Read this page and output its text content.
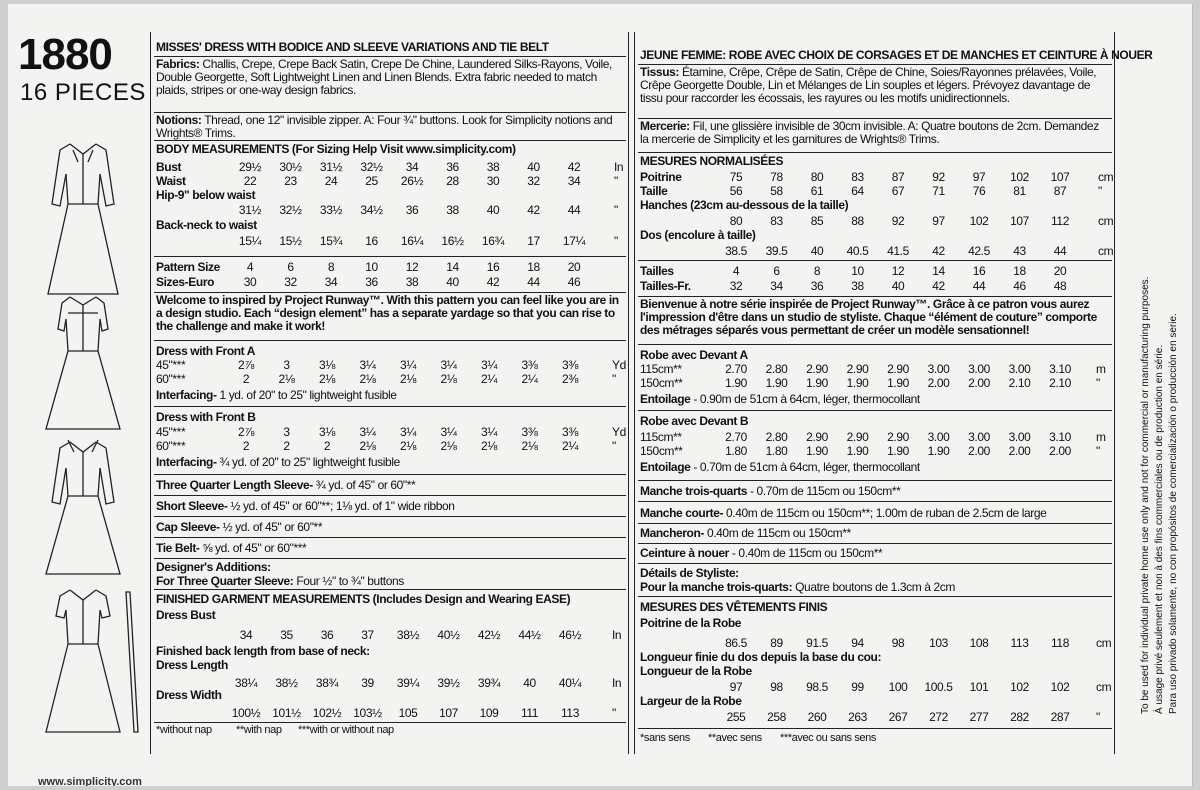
1880
16 PIECES
MISSES' DRESS WITH BODICE AND SLEEVE VARIATIONS AND TIE BELT
Fabrics: Challis, Crepe, Crepe Back Satin, Crepe De Chine, Laundered Silks-Rayons, Voile, Double Georgette, Soft Lightweight Linen and Linen Blends. Extra fabric needed to match plaids, stripes or one-way design fabrics.
Notions: Thread, one 12" invisible zipper. A: Four ¾" buttons. Look for Simplicity notions and Wrights® Trims.
BODY MEASUREMENTS (For Sizing Help Visit www.simplicity.com)
Bust	29½	30½	31½	32½	34	36	38	40	42	In
Waist	22	23	24	25	26½	28	30	32	34	"
Hip-9" below waist
31½	32½	33½	34½	36	38	40	42	44	"
Back-neck to waist
15¼	15½	15¾	16	16¼	16½	16¾	17	17¼	"
Pattern Size	4	6	8	10	12	14	16	18	20
Sizes-Euro	30	32	34	36	38	40	42	44	46
Welcome to inspired by Project Runway™. With this pattern you can feel like you are in a design studio. Each “design element” has a separate yardage so that you can rise to the challenge and make it work!
Dress with Front A
45"***	2⅞	3	3⅛	3¼	3¼	3¼	3¼	3⅜	3⅜	Yd
60"***	2	2⅛	2⅛	2⅛	2⅛	2⅛	2¼	2¼	2⅜	"
Interfacing- 1 yd. of 20" to 25" lightweight fusible
Dress with Front B
45"***	2⅞	3	3⅛	3¼	3¼	3¼	3¼	3⅜	3⅜	Yd
60"***	2	2	2	2⅛	2⅛	2⅛	2⅛	2⅛	2¼	"
Interfacing- ¾ yd. of 20" to 25" lightweight fusible
Three Quarter Length Sleeve- ¾ yd. of 45" or 60"**
Short Sleeve- ½ yd. of 45" or 60"**; 1⅛ yd. of 1" wide ribbon
Cap Sleeve- ½ yd. of 45" or 60"**
Tie Belt- ⅝ yd. of 45" or 60"***
Designer's Additions:
For Three Quarter Sleeve: Four ½" to ¾" buttons
FINISHED GARMENT MEASUREMENTS (Includes Design and Wearing EASE)
Dress Bust
34	35	36	37	38½	40½	42½	44½	46½	In
Finished back length from base of neck:
Dress Length
38¼	38½	38¾	39	39¼	39½	39¾	40	40¼	In
Dress Width
100½	101½	102½	103½	105	107	109	111	113	"
*without nap **with nap ***with or without nap
JEUNE FEMME: ROBE AVEC CHOIX DE CORSAGES ET DE MANCHES ET CEINTURE À NOUER
Tissus: Étamine, Crêpe, Crêpe de Satin, Crêpe de Chine, Soies/Rayonnes prélavées, Voile, Crêpe Georgette Double, Lin et Mélanges de Lin souples et légers. Prévoyez davantage de tissu pour raccorder les écossais, les rayures ou les motifs unidirectionnels.
Mercerie: Fil, une glissière invisible de 30cm invisible. A: Quatre boutons de 2cm. Demandez la mercerie de Simplicity et les garnitures de Wrights® Trims.
MESURES NORMALISÉES
Poitrine	75	78	80	83	87	92	97	102	107	cm
Taille	56	58	61	64	67	71	76	81	87	"
Hanches (23cm au-dessous de la taille)
80	83	85	88	92	97	102	107	112	cm
Dos (encolure à taille)
38.5	39.5	40	40.5	41.5	42	42.5	43	44	cm
Tailles	4	6	8	10	12	14	16	18	20
Tailles-Fr.	32	34	36	38	40	42	44	46	48
Bienvenue à notre série inspirée de Project Runway™. Grâce à ce patron vous aurez l'impression d'être dans un studio de styliste. Chaque “élément de couture” comporte des métrages séparés vous permettant de créer un modèle sensationnel!
Robe avec Devant A
115cm**	2.70	2.80	2.90	2.90	2.90	3.00	3.00	3.00	3.10	m
150cm**	1.90	1.90	1.90	1.90	1.90	2.00	2.00	2.10	2.10	"
Entoilage - 0.90m de 51cm à 64cm, léger, thermocollant
Robe avec Devant B
115cm**	2.70	2.80	2.90	2.90	2.90	3.00	3.00	3.00	3.10	m
150cm**	1.80	1.80	1.90	1.90	1.90	1.90	2.00	2.00	2.00	"
Entoilage - 0.70m de 51cm à 64cm, léger, thermocollant
Manche trois-quarts - 0.70m de 115cm ou 150cm**
Manche courte- 0.40m de 115cm ou 150cm**; 1.00m de ruban de 2.5cm de large
Mancheron- 0.40m de 115cm ou 150cm**
Ceinture à nouer - 0.40m de 115cm ou 150cm**
Détails de Styliste:
Pour la manche trois-quarts: Quatre boutons de 1.3cm à 2cm
MESURES DES VÊTEMENTS FINIS
Poitrine de la Robe
86.5	89	91.5	94	98	103	108	113	118	cm
Longueur finie du dos depuis la base du cou:
Longueur de la Robe
97	98	98.5	99	100	100.5	101	102	102	cm
Largeur de la Robe
255	258	260	263	267	272	277	282	287	"
*sans sens **avec sens ***avec ou sans sens
To be used for individual private home use only and not for commercial or manufacturing purposes. À usage privé seulement et non à des fins commerciales ou de production en série. Para uso privado solamente, no con propósitos de comercialización o producción en serie.
www.simplicity.com
